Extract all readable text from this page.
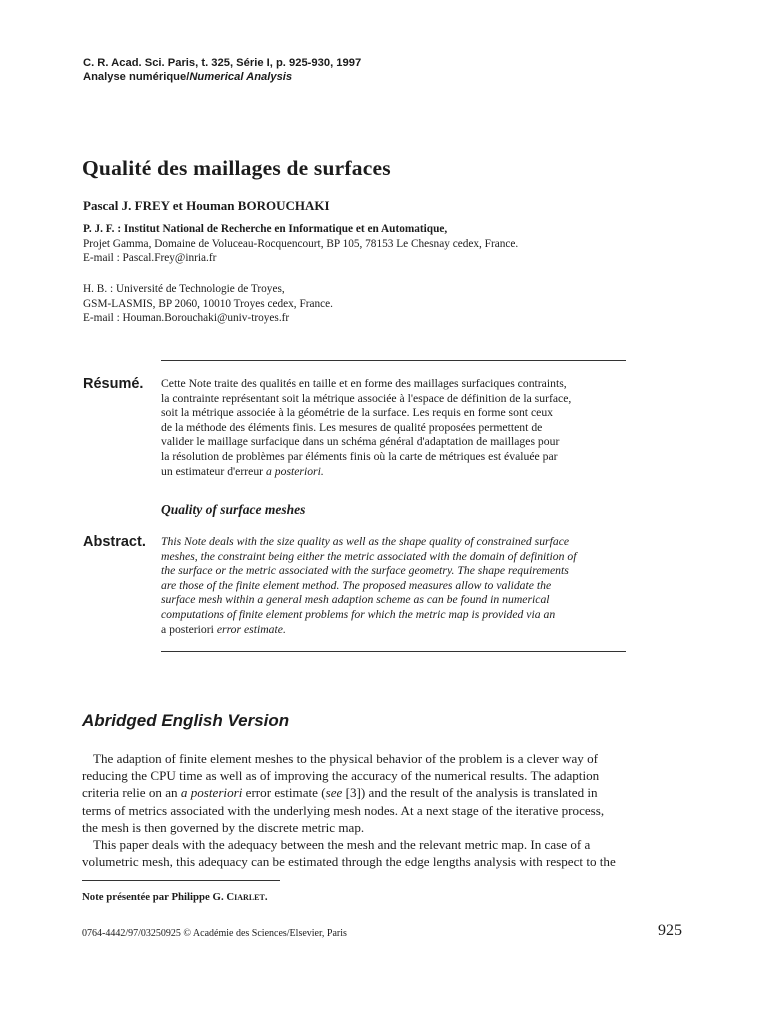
C. R. Acad. Sci. Paris, t. 325, Série I, p. 925-930, 1997
Analyse numérique/Numerical Analysis
Qualité des maillages de surfaces
Pascal J. FREY et Houman BOROUCHAKI
P. J. F. : Institut National de Recherche en Informatique et en Automatique,
Projet Gamma, Domaine de Voluceau-Rocquencourt, BP 105, 78153 Le Chesnay cedex, France.
E-mail : Pascal.Frey@inria.fr
H. B. : Université de Technologie de Troyes,
GSM-LASMIS, BP 2060, 10010 Troyes cedex, France.
E-mail : Houman.Borouchaki@univ-troyes.fr
Résumé. Cette Note traite des qualités en taille et en forme des maillages surfaciques contraints,
la contrainte représentant soit la métrique associée à l'espace de définition de la surface,
soit la métrique associée à la géométrie de la surface. Les requis en forme sont ceux
de la méthode des éléments finis. Les mesures de qualité proposées permettent de
valider le maillage surfacique dans un schéma général d'adaptation de maillages pour
la résolution de problèmes par éléments finis où la carte de métriques est évaluée par
un estimateur d'erreur a posteriori.
Quality of surface meshes
Abstract. This Note deals with the size quality as well as the shape quality of constrained surface
meshes, the constraint being either the metric associated with the domain of definition of
the surface or the metric associated with the surface geometry. The shape requirements
are those of the finite element method. The proposed measures allow to validate the
surface mesh within a general mesh adaption scheme as can be found in numerical
computations of finite element problems for which the metric map is provided via an
a posteriori error estimate.
Abridged English Version
The adaption of finite element meshes to the physical behavior of the problem is a clever way of
reducing the CPU time as well as of improving the accuracy of the numerical results. The adaption
criteria relie on an a posteriori error estimate (see [3]) and the result of the analysis is translated in
terms of metrics associated with the underlying mesh nodes. At a next stage of the iterative process,
the mesh is then governed by the discrete metric map.
This paper deals with the adequacy between the mesh and the relevant metric map. In case of a
volumetric mesh, this adequacy can be estimated through the edge lengths analysis with respect to the
Note présentée par Philippe G. Ciarlet.
0764-4442/97/03250925 © Académie des Sciences/Elsevier, Paris	925
